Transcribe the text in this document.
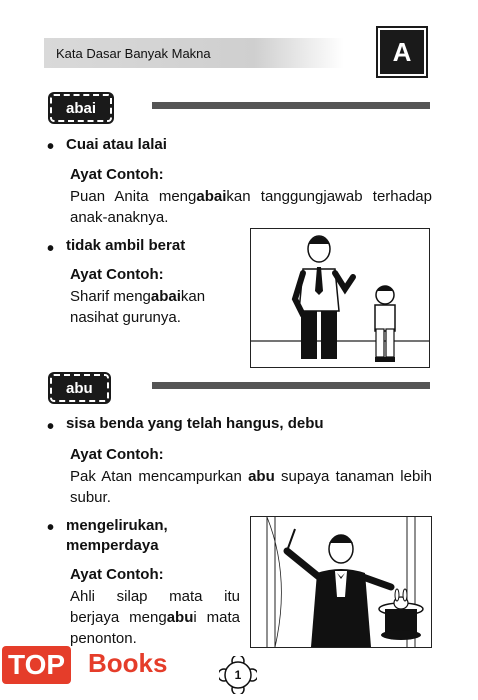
Kata Dasar Banyak Makna	A
abai
• Cuai atau lalai
Ayat Contoh:
Puan Anita mengabaikan tanggungjawab terhadap anak-anaknya.
• tidak ambil berat
Ayat Contoh:
Sharif mengabaikan nasihat gurunya.
abu
• sisa benda yang telah hangus, debu
Ayat Contoh:
Pak Atan mencampurkan abu supaya tanaman lebih subur.
• mengelirukan, memperdaya
Ayat Contoh:
Ahli silap mata itu berjaya mengabui mata penonton.
1
TOP Books
